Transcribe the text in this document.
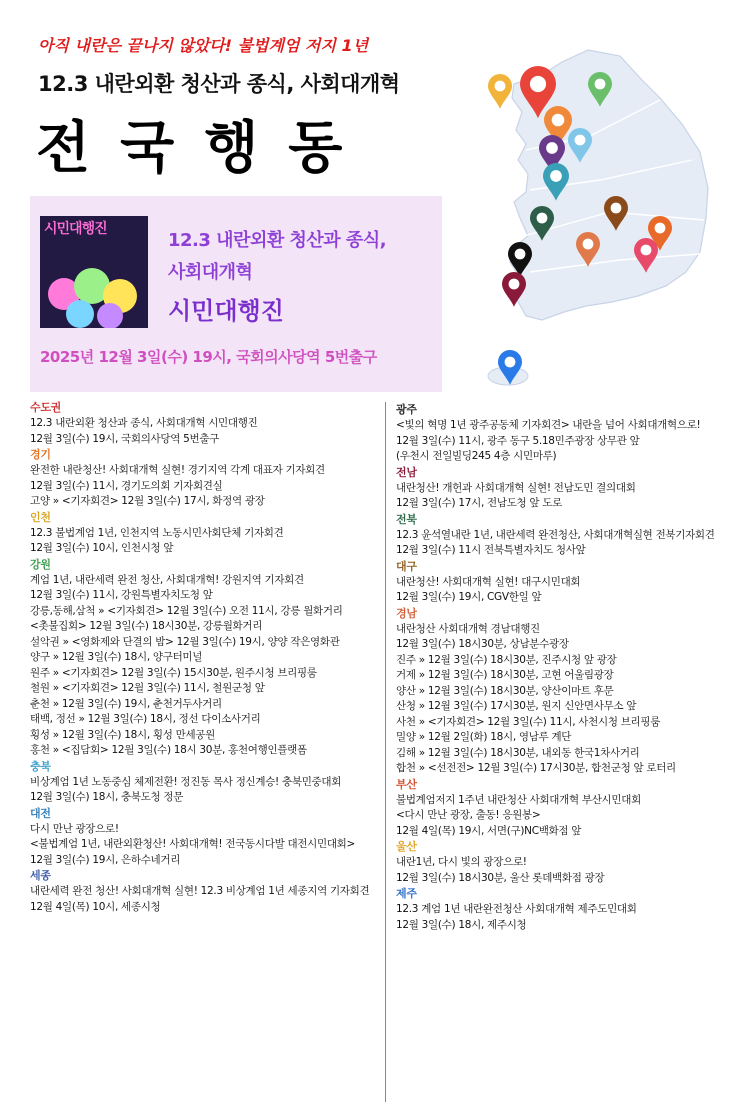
아직 내란은 끝나지 않았다! 불법계엄 저지 1년
12.3 내란외환 청산과 종식, 사회대개혁
전국행동
시민대행진
12.3 내란외환 청산과 종식,
사회대개혁
시민대행진
2025년 12월 3일(수) 19시, 국회의사당역 5번출구
수도권
12.3 내란외환 청산과 종식, 사회대개혁 시민대행진
12월 3일(수) 19시, 국회의사당역 5번출구
경기
완전한 내란청산! 사회대개혁 실현! 경기지역 각계 대표자 기자회견
12월 3일(수) 11시, 경기도의회 기자회견실
고양 » <기자회견> 12월 3일(수) 17시, 화정역 광장
인천
12.3 불법계엄 1년, 인천지역 노동시민사회단체 기자회견
12월 3일(수) 10시, 인천시청 앞
강원
계엄 1년, 내란세력 완전 청산, 사회대개혁! 강원지역 기자회견
12월 3일(수) 11시, 강원특별자치도청 앞
강릉,동해,삼척 » <기자회견> 12월 3일(수) 오전 11시, 강릉 월화거리
<촛불집회> 12월 3일(수) 18시30분, 강릉월화거리
설악권 » <영화제와 단결의 밤> 12월 3일(수) 19시, 양양 작은영화관
양구 » 12월 3일(수) 18시, 양구터미널
원주 » <기자회견> 12월 3일(수) 15시30분, 원주시청 브리핑룸
철원 » <기자회견> 12월 3일(수) 11시, 철원군청 앞
춘천 » 12월 3일(수) 19시, 춘천거두사거리
태백, 정선 » 12월 3일(수) 18시, 정선 다이소사거리
횡성 » 12월 3일(수) 18시, 횡성 만세공원
홍천 » <집담회> 12월 3일(수) 18시 30분, 홍천여행인플랫폼
충북
비상계엄 1년 노동중심 체제전환! 정진동 목사 정신계승! 충북민중대회
12월 3일(수) 18시, 충북도청 정문
대전
다시 만난 광장으로!
<불법계엄 1년, 내란외환청산! 사회대개혁! 전국동시다발 대전시민대회>
12월 3일(수) 19시, 은하수네거리
세종
내란세력 완전 청산! 사회대개혁 실현! 12.3 비상계엄 1년 세종지역 기자회견
12월 4일(목) 10시, 세종시청
광주
<빛의 혁명 1년 광주공동체 기자회견> 내란을 넘어 사회대개혁으로!
12월 3일(수) 11시, 광주 동구 5.18민주광장 상무관 앞
(우천시 전일빌딩245 4층 시민마루)
전남
내란청산! 개헌과 사회대개혁 실현! 전남도민 결의대회
12월 3일(수) 17시, 전남도청 앞 도로
전북
12.3 윤석열내란 1년, 내란세력 완전청산, 사회대개혁실현 전북기자회견
12월 3일(수) 11시 전북특별자치도 청사앞
대구
내란청산! 사회대개혁 실현! 대구시민대회
12월 3일(수) 19시, CGV한일 앞
경남
내란청산 사회대개혁 경남대행진
12월 3일(수) 18시30분, 상남분수광장
진주 » 12월 3일(수) 18시30분, 진주시청 앞 광장
거제 » 12월 3일(수) 18시30분, 고현 어울림광장
양산 » 12월 3일(수) 18시30분, 양산이마트 후문
산청 » 12월 3일(수) 17시30분, 원지 신안면사무소 앞
사천 » <기자회견> 12월 3일(수) 11시, 사천시청 브리핑룸
밀양 » 12월 2일(화) 18시, 영남루 계단
김해 » 12월 3일(수) 18시30분, 내외동 한국1차사거리
합천 » <선전전> 12월 3일(수) 17시30분, 합천군청 앞 로터리
부산
불법계엄저지 1주년 내란청산 사회대개혁 부산시민대회
<다시 만난 광장, 출동! 응원봉>
12월 4일(목) 19시, 서면(구)NC백화점 앞
울산
내란1년, 다시 빛의 광장으로!
12월 3일(수) 18시30분, 울산 롯데백화점 광장
제주
12.3 계엄 1년 내란완전청산 사회대개혁 제주도민대회
12월 3일(수) 18시, 제주시청
